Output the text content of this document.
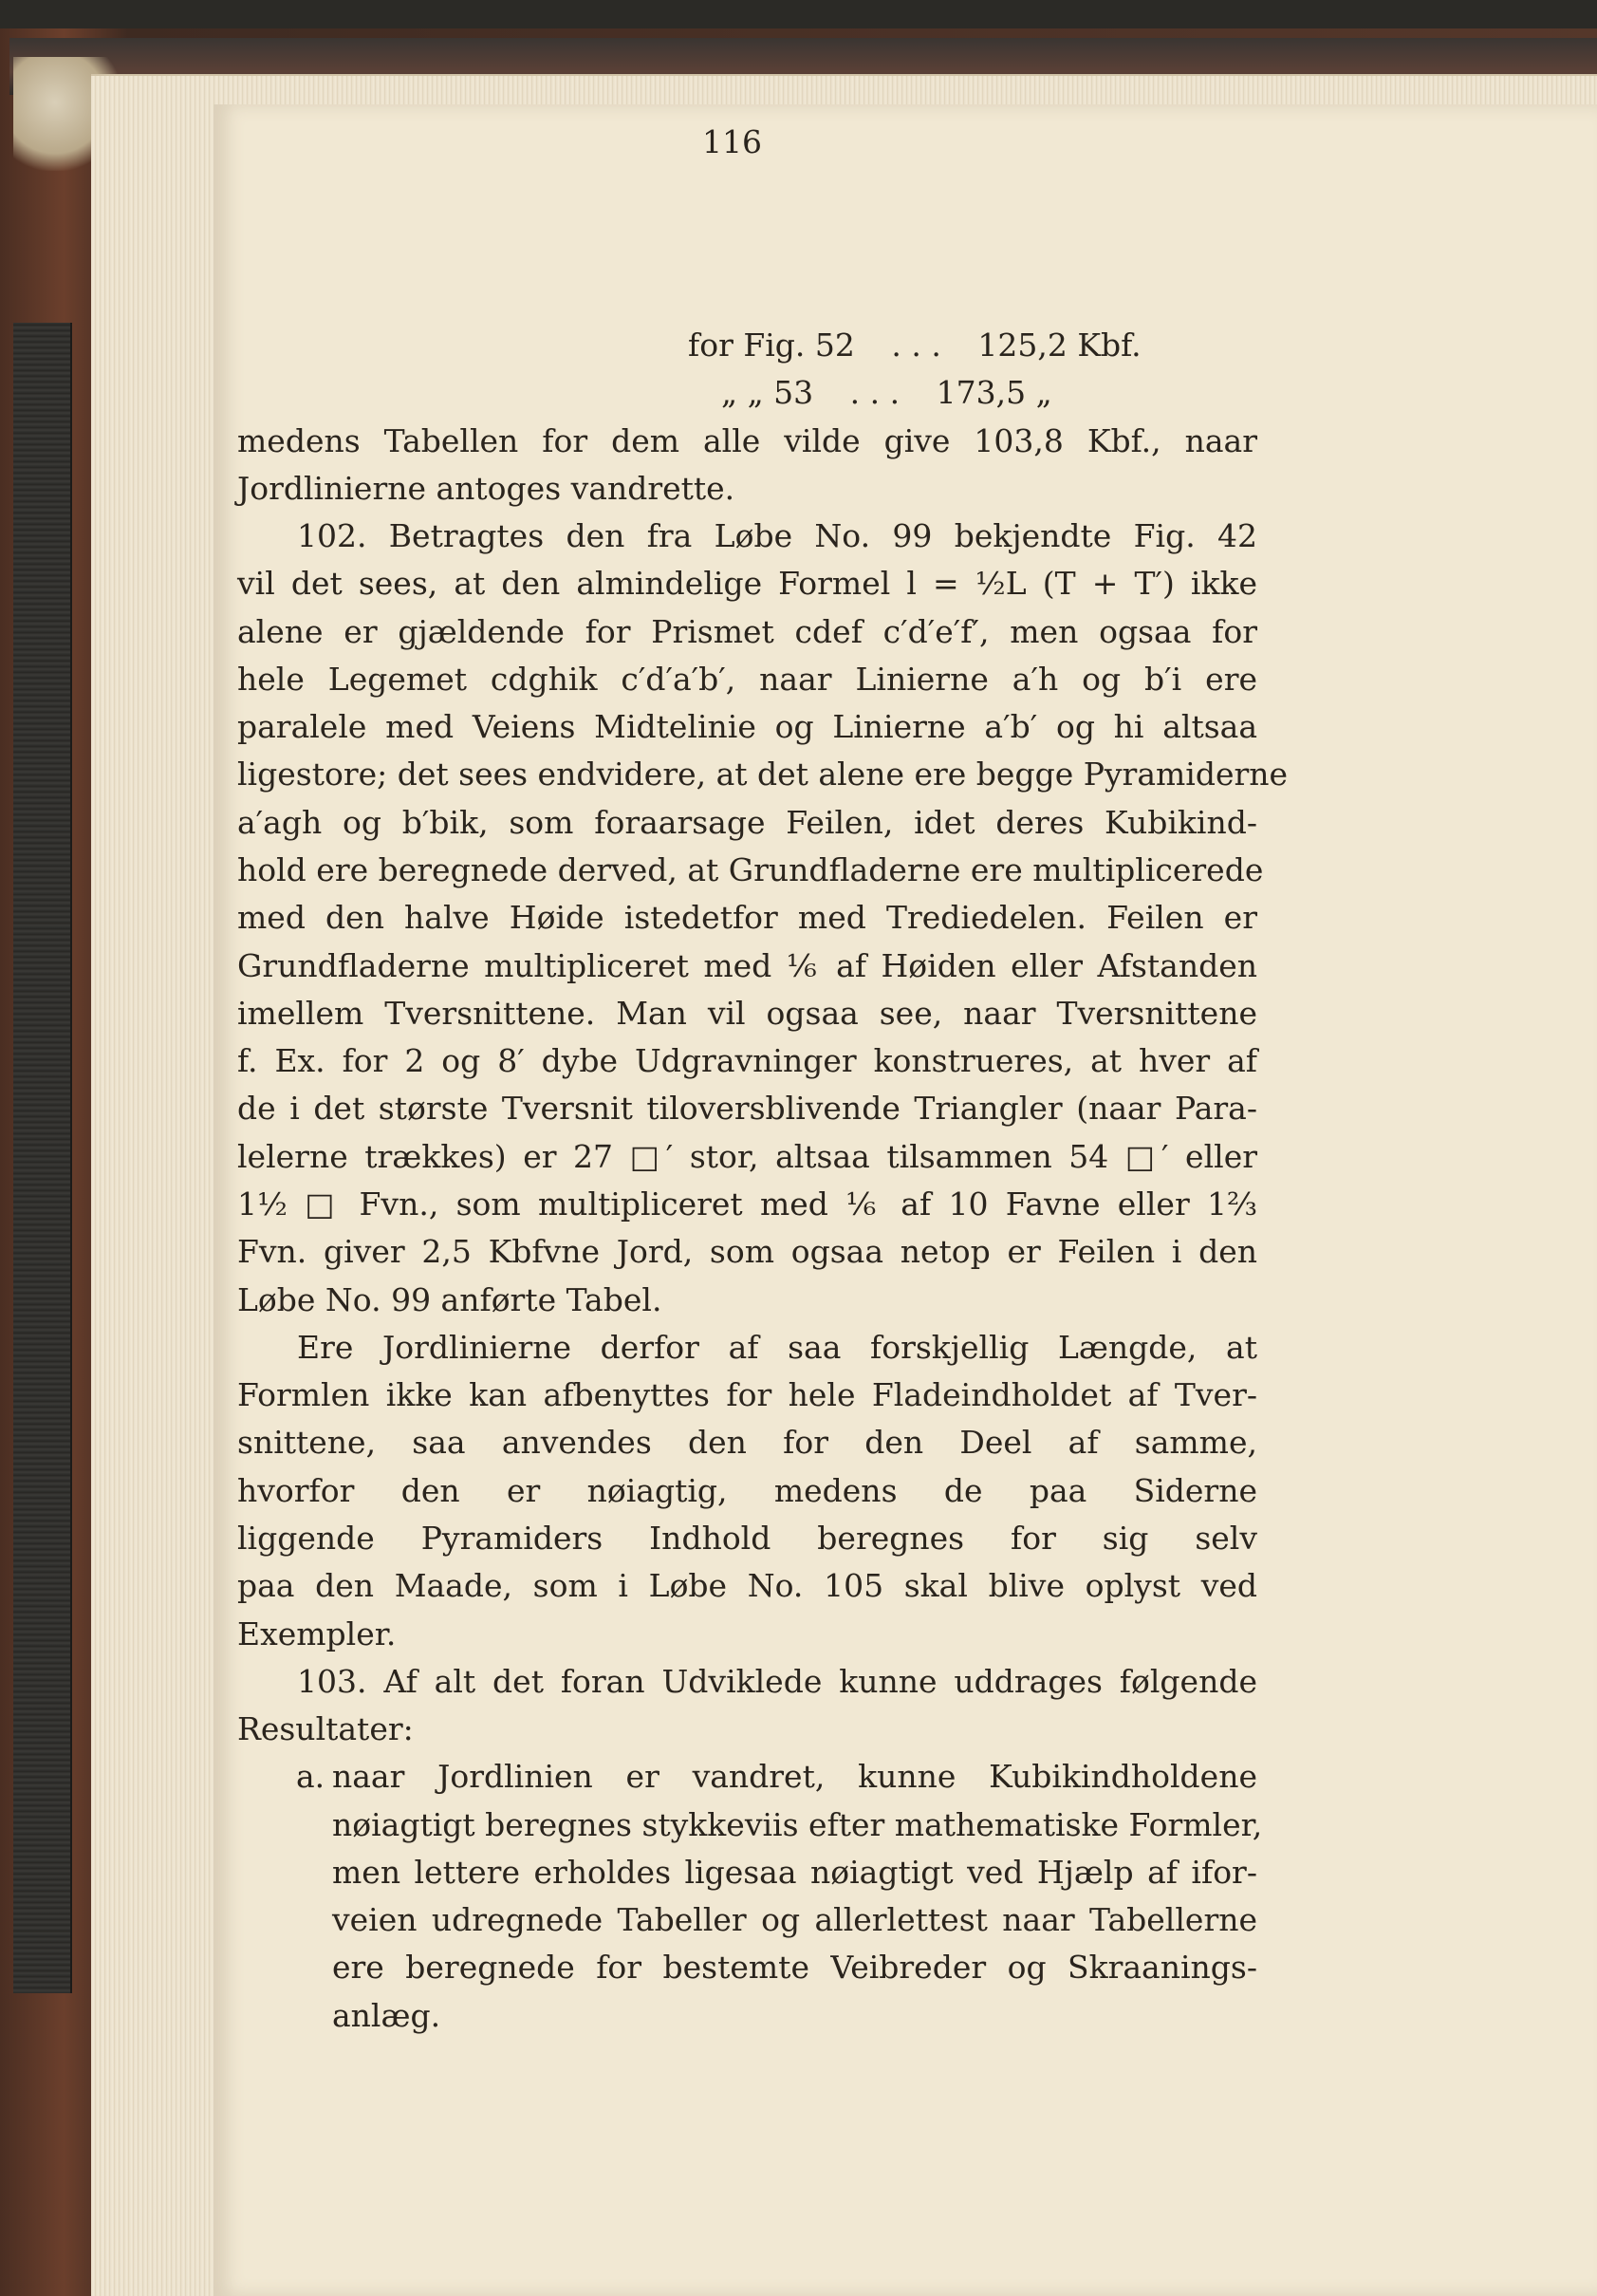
116
for Fig. 52 . . . 125,2 Kbf.
„ „ 53 . . . 173,5 „
medens Tabellen for dem alle vilde give 103,8 Kbf., naar
Jordlinierne antoges vandrette.
102. Betragtes den fra Løbe No. 99 bekjendte Fig. 42
vil det sees, at den almindelige Formel l = ½L (T + T′) ikke
alene er gjældende for Prismet cdef c′d′e′f′, men ogsaa for
hele Legemet cdghik c′d′a′b′, naar Linierne a′h og b′i ere
paralele med Veiens Midtelinie og Linierne a′b′ og hi altsaa
ligestore; det sees endvidere, at det alene ere begge Pyramiderne
a′agh og b′bik, som foraarsage Feilen, idet deres Kubikind-
hold ere beregnede derved, at Grundfladerne ere multiplicerede
med den halve Høide istedetfor med Trediedelen. Feilen er
Grundfladerne multipliceret med ⅙ af Høiden eller Afstanden
imellem Tversnittene. Man vil ogsaa see, naar Tversnittene
f. Ex. for 2 og 8′ dybe Udgravninger konstrueres, at hver af
de i det største Tversnit tiloversblivende Triangler (naar Para-
lelerne trækkes) er 27 □′ stor, altsaa tilsammen 54 □′ eller
1½ □ Fvn., som multipliceret med ⅙ af 10 Favne eller 1⅔
Fvn. giver 2,5 Kbfvne Jord, som ogsaa netop er Feilen i den
Løbe No. 99 anførte Tabel.
Ere Jordlinierne derfor af saa forskjellig Længde, at
Formlen ikke kan afbenyttes for hele Fladeindholdet af Tver-
snittene, saa anvendes den for den Deel af samme,
hvorfor den er nøiagtig, medens de paa Siderne
liggende Pyramiders Indhold beregnes for sig selv
paa den Maade, som i Løbe No. 105 skal blive oplyst ved
Exempler.
103. Af alt det foran Udviklede kunne uddrages følgende
Resultater:
a. naar Jordlinien er vandret, kunne Kubikindholdene
nøiagtigt beregnes stykkeviis efter mathematiske Formler,
men lettere erholdes ligesaa nøiagtigt ved Hjælp af ifor-
veien udregnede Tabeller og allerlettest naar Tabellerne
ere beregnede for bestemte Veibreder og Skraanings-
anlæg.
